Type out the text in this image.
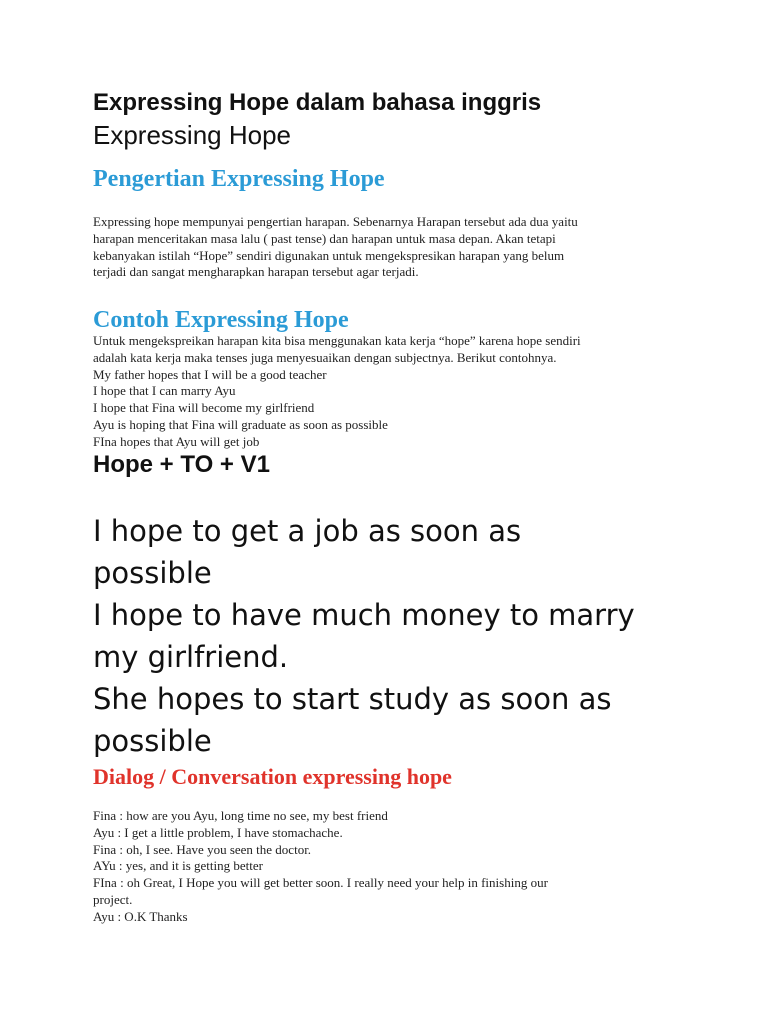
Expressing Hope dalam bahasa inggris
Expressing Hope
Pengertian Expressing Hope
Expressing hope mempunyai pengertian harapan. Sebenarnya Harapan tersebut ada dua yaitu
harapan menceritakan masa lalu ( past tense) dan harapan untuk masa depan. Akan tetapi
kebanyakan istilah “Hope” sendiri digunakan untuk mengekspresikan harapan yang belum
terjadi dan sangat mengharapkan harapan tersebut agar terjadi.
Contoh Expressing Hope
Untuk mengekspreikan harapan kita bisa menggunakan kata kerja “hope” karena hope sendiri
adalah kata kerja maka tenses juga menyesuaikan dengan subjectnya. Berikut contohnya.
My father hopes that I will be a good teacher
I hope that I can marry Ayu
I hope that Fina will become my girlfriend
Ayu is hoping that Fina will graduate as soon as possible
FIna hopes that Ayu will get job
Hope + TO + V1
I hope to get a job as soon as
possible
I hope to have much money to marry
my girlfriend.
She hopes to start study as soon as
possible
Dialog / Conversation expressing hope
Fina : how are you Ayu, long time no see, my best friend
Ayu : I get a little problem, I have stomachache.
Fina : oh, I see. Have you seen the doctor.
AYu : yes, and it is getting better
FIna : oh Great, I Hope you will get better soon. I really need your help in finishing our
project.
Ayu : O.K Thanks
